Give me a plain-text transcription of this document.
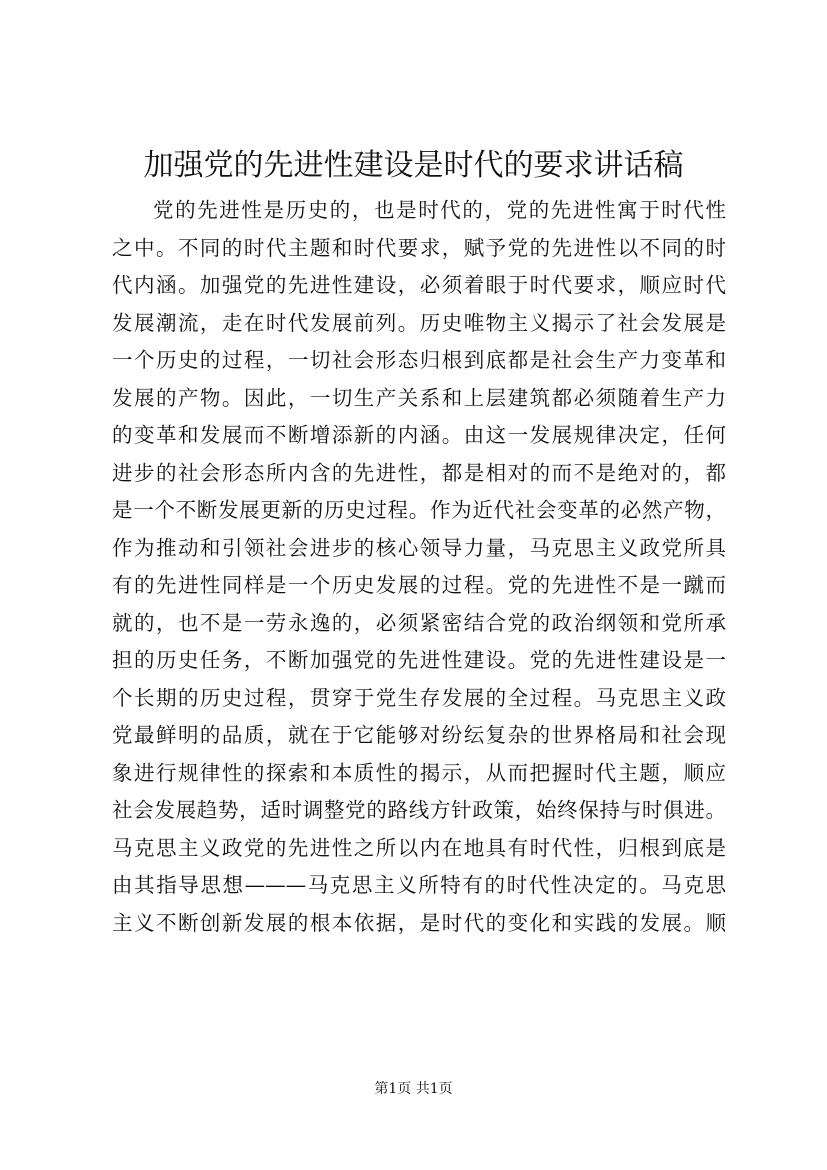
加强党的先进性建设是时代的要求讲话稿
党的先进性是历史的，也是时代的，党的先进性寓于时代性
之中。不同的时代主题和时代要求，赋予党的先进性以不同的时
代内涵。加强党的先进性建设，必须着眼于时代要求，顺应时代
发展潮流，走在时代发展前列。历史唯物主义揭示了社会发展是
一个历史的过程，一切社会形态归根到底都是社会生产力变革和
发展的产物。因此，一切生产关系和上层建筑都必须随着生产力
的变革和发展而不断增添新的内涵。由这一发展规律决定，任何
进步的社会形态所内含的先进性，都是相对的而不是绝对的，都
是一个不断发展更新的历史过程。作为近代社会变革的必然产物，
作为推动和引领社会进步的核心领导力量，马克思主义政党所具
有的先进性同样是一个历史发展的过程。党的先进性不是一蹴而
就的，也不是一劳永逸的，必须紧密结合党的政治纲领和党所承
担的历史任务，不断加强党的先进性建设。党的先进性建设是一
个长期的历史过程，贯穿于党生存发展的全过程。马克思主义政
党最鲜明的品质，就在于它能够对纷纭复杂的世界格局和社会现
象进行规律性的探索和本质性的揭示，从而把握时代主题，顺应
社会发展趋势，适时调整党的路线方针政策，始终保持与时俱进。
马克思主义政党的先进性之所以内在地具有时代性，归根到底是
由其指导思想———马克思主义所特有的时代性决定的。马克思
主义不断创新发展的根本依据，是时代的变化和实践的发展。顺
第1页 共1页
